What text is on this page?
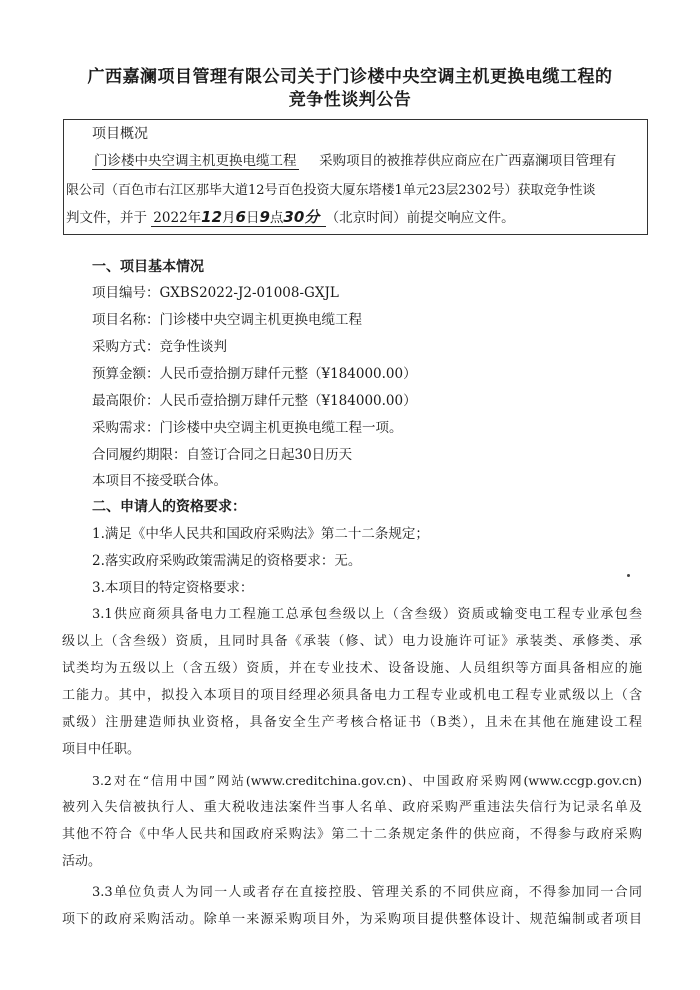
广西嘉澜项目管理有限公司关于门诊楼中央空调主机更换电缆工程的
竞争性谈判公告
项目概况
门诊楼中央空调主机更换电缆工程 采购项目的被推荐供应商应在广西嘉澜项目管理有
限公司（百色市右江区那毕大道12号百色投资大厦东塔楼1单元23层2302号）获取竞争性谈
判文件，并于 2022年12月6日9点30分 （北京时间）前提交响应文件。
一、项目基本情况
项目编号：GXBS2022-J2-01008-GXJL
项目名称：门诊楼中央空调主机更换电缆工程
采购方式：竞争性谈判
预算金额：人民币壹拾捌万肆仟元整（¥184000.00）
最高限价：人民币壹拾捌万肆仟元整（¥184000.00）
采购需求：门诊楼中央空调主机更换电缆工程一项。
合同履约期限：自签订合同之日起30日历天
本项目不接受联合体。
二、申请人的资格要求：
1.满足《中华人民共和国政府采购法》第二十二条规定；
2.落实政府采购政策需满足的资格要求：无。
3.本项目的特定资格要求：
3.1供应商须具备电力工程施工总承包叁级以上（含叁级）资质或输变电工程专业承包叁
级以上（含叁级）资质，且同时具备《承装（修、试）电力设施许可证》承装类、承修类、承
试类均为五级以上（含五级）资质，并在专业技术、设备设施、人员组织等方面具备相应的施
工能力。其中，拟投入本项目的项目经理必须具备电力工程专业或机电工程专业贰级以上（含
贰级）注册建造师执业资格，具备安全生产考核合格证书（B类），且未在其他在施建设工程
项目中任职。
3.2对在“信用中国”网站(www.creditchina.gov.cn)、中国政府采购网(www.ccgp.gov.cn)
被列入失信被执行人、重大税收违法案件当事人名单、政府采购严重违法失信行为记录名单及
其他不符合《中华人民共和国政府采购法》第二十二条规定条件的供应商，不得参与政府采购
活动。
3.3单位负责人为同一人或者存在直接控股、管理关系的不同供应商，不得参加同一合同
项下的政府采购活动。除单一来源采购项目外，为采购项目提供整体设计、规范编制或者项目
